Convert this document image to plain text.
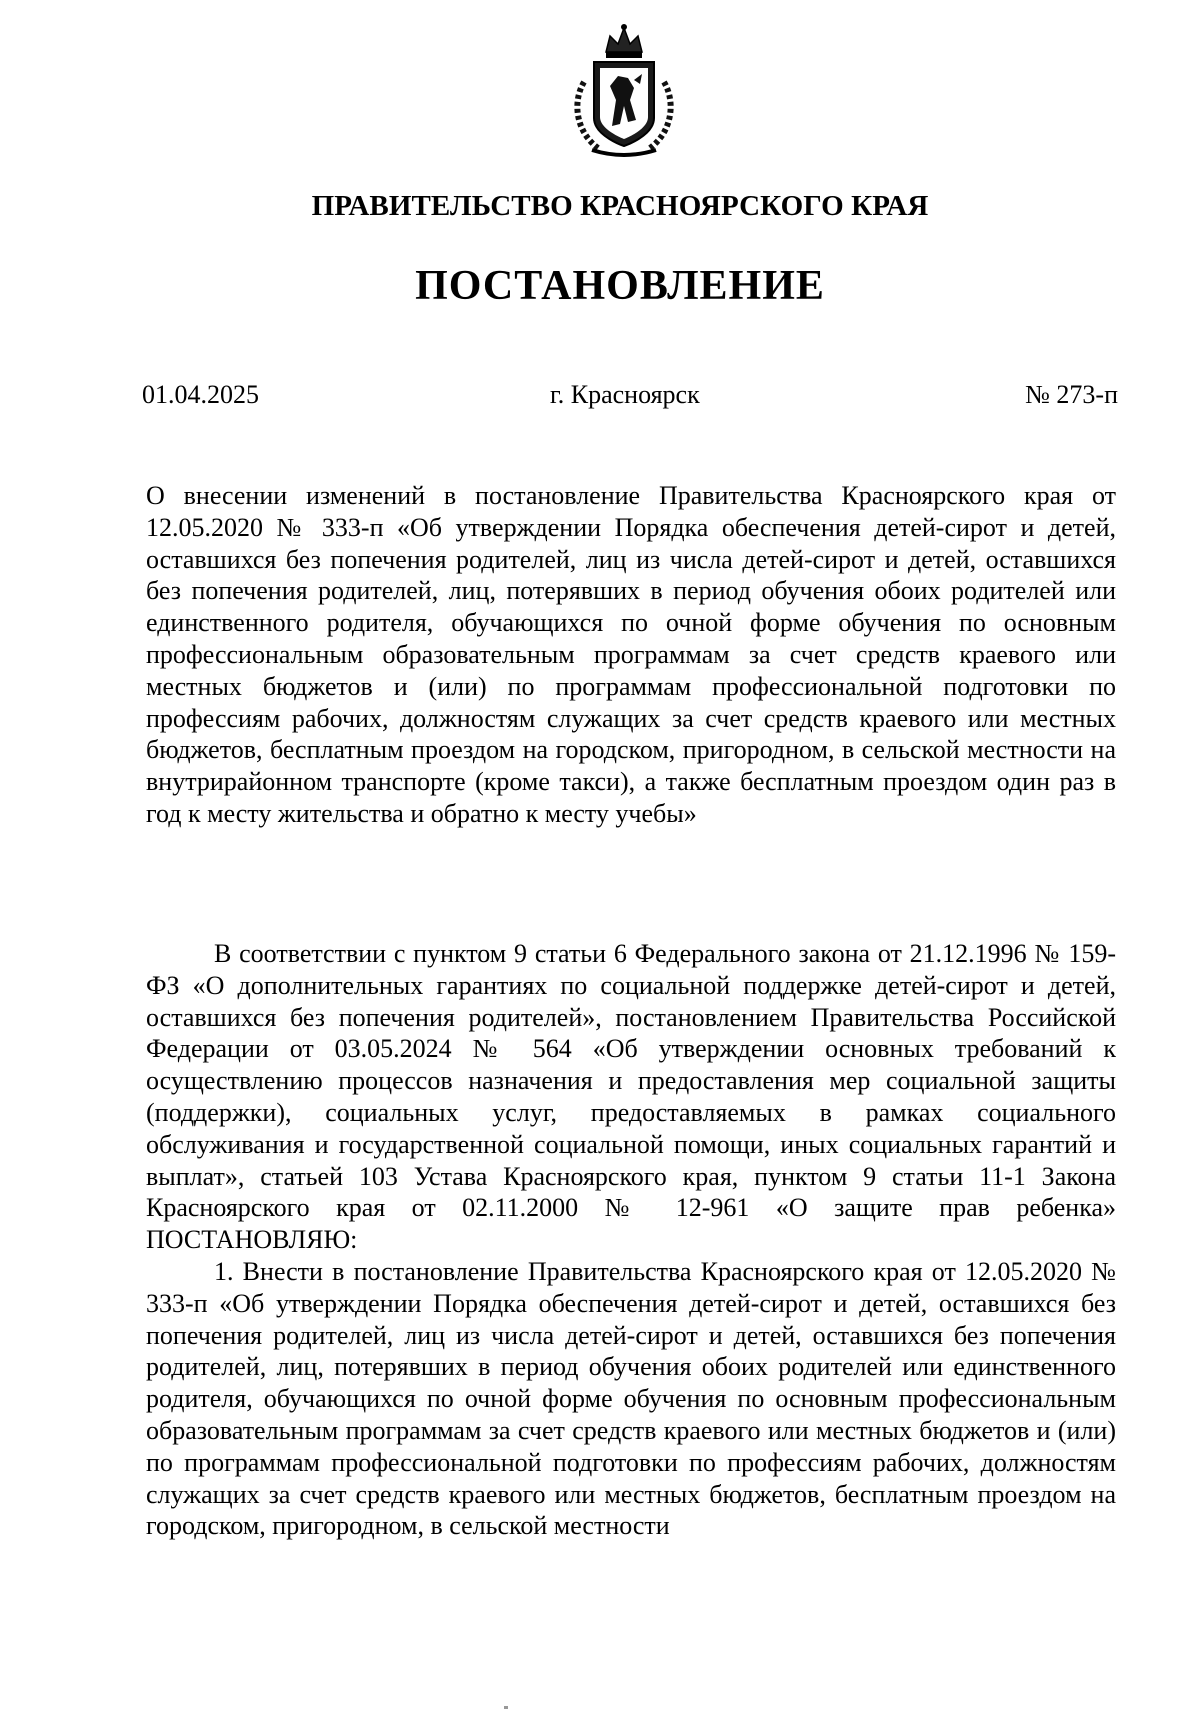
ПРАВИТЕЛЬСТВО КРАСНОЯРСКОГО КРАЯ
ПОСТАНОВЛЕНИЕ
01.04.2025	г. Красноярск	№ 273-п
О внесении изменений в постановление Правительства Красноярского края от 12.05.2020 № 333-п «Об утверждении Порядка обеспечения детей-сирот и детей, оставшихся без попечения родителей, лиц из числа детей-сирот и детей, оставшихся без попечения родителей, лиц, потерявших в период обучения обоих родителей или единственного родителя, обучающихся по очной форме обучения по основным профессиональным образовательным программам за счет средств краевого или местных бюджетов и (или) по программам профессиональной подготовки по профессиям рабочих, должностям служащих за счет средств краевого или местных бюджетов, бесплатным проездом на городском, пригородном, в сельской местности на внутрирайонном транспорте (кроме такси), а также бесплатным проездом один раз в год к месту жительства и обратно к месту учебы»

В соответствии с пунктом 9 статьи 6 Федерального закона от 21.12.1996 № 159-ФЗ «О дополнительных гарантиях по социальной поддержке детей-сирот и детей, оставшихся без попечения родителей», постановлением Правительства Российской Федерации от 03.05.2024 № 564 «Об утверждении основных требований к осуществлению процессов назначения и предоставления мер социальной защиты (поддержки), социальных услуг, предоставляемых в рамках социального обслуживания и государственной социальной помощи, иных социальных гарантий и выплат», статьей 103 Устава Красноярского края, пунктом 9 статьи 11-1 Закона Красноярского края от 02.11.2000 № 12-961 «О защите прав ребенка» ПОСТАНОВЛЯЮ:

1. Внести в постановление Правительства Красноярского края от 12.05.2020 № 333-п «Об утверждении Порядка обеспечения детей-сирот и детей, оставшихся без попечения родителей, лиц из числа детей-сирот и детей, оставшихся без попечения родителей, лиц, потерявших в период обучения обоих родителей или единственного родителя, обучающихся по очной форме обучения по основным профессиональным образовательным программам за счет средств краевого или местных бюджетов и (или) по программам профессиональной подготовки по профессиям рабочих, должностям служащих за счет средств краевого или местных бюджетов, бесплатным проездом на городском, пригородном, в сельской местности
